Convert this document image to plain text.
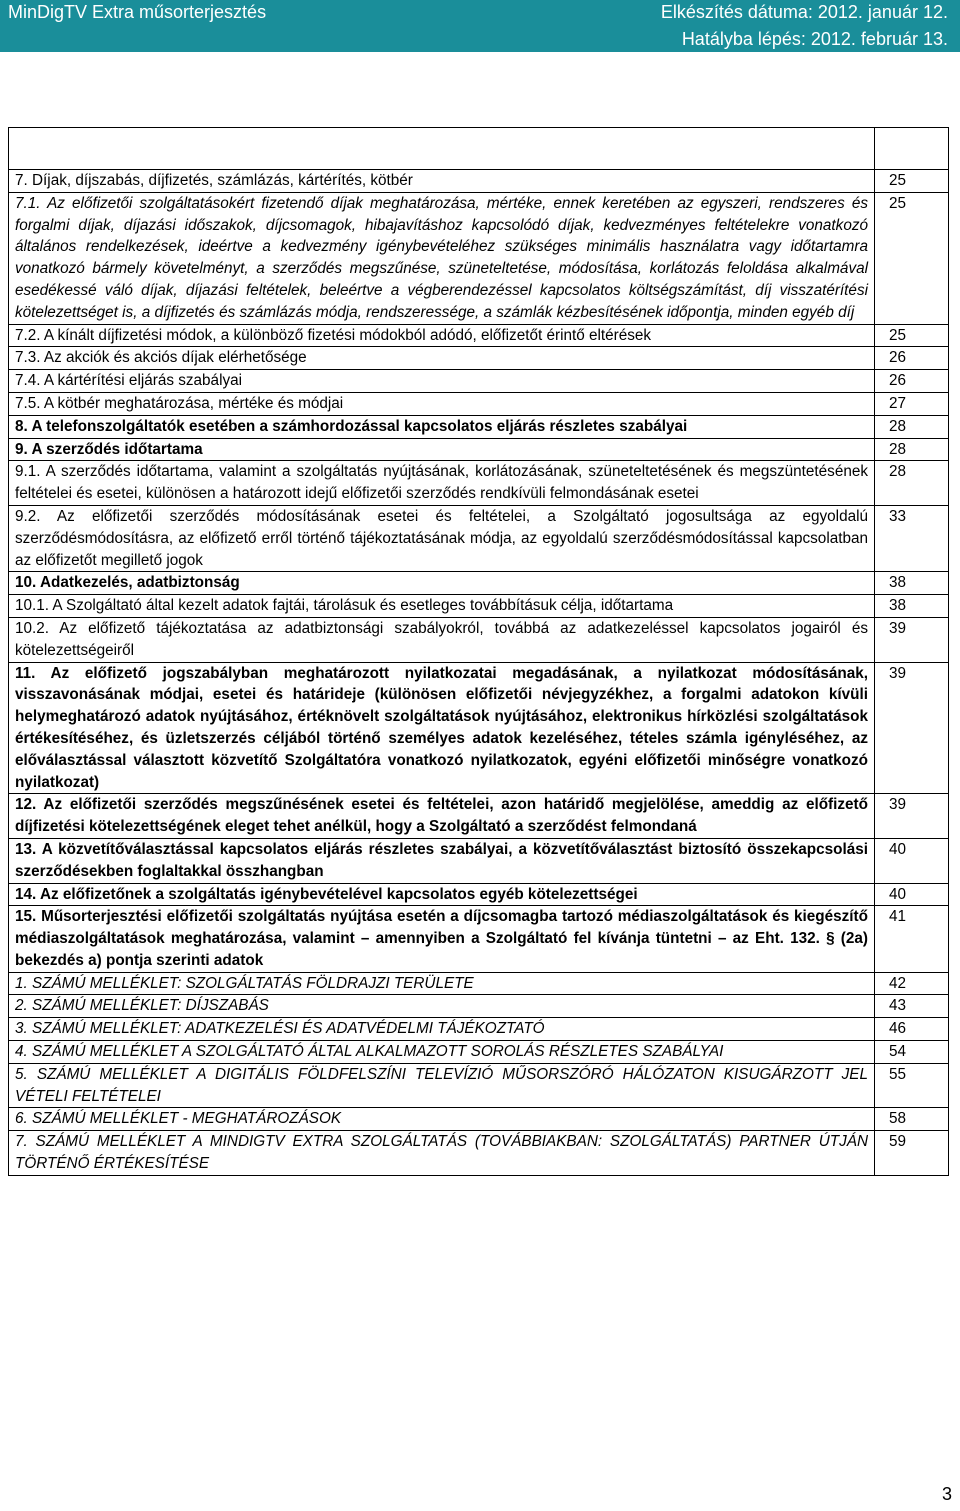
MinDigTV Extra műsorterjesztés	Elkészítés dátuma: 2012. január 12.
Hatályba lépés: 2012. február 13.

7. Díjak, díjszabás, díjfizetés, számlázás, kártérítés, kötbér	25
7.1. Az előfizetői szolgáltatásokért fizetendő díjak meghatározása, mértéke, ennek keretében az egyszeri, rendszeres és forgalmi díjak, díjazási időszakok, díjcsomagok, hibajavításhoz kapcsolódó díjak, kedvezményes feltételekre vonatkozó általános rendelkezések, ideértve a kedvezmény igénybevételéhez szükséges minimális használatra vagy időtartamra vonatkozó bármely követelményt, a szerződés megszűnése, szüneteltetése, módosítása, korlátozás feloldása alkalmával esedékessé váló díjak, díjazási feltételek, beleértve a végberendezéssel kapcsolatos költségszámítást, díj visszatérítési kötelezettséget is, a díjfizetés és számlázás módja, rendszeressége, a számlák kézbesítésének időpontja, minden egyéb díj	25
7.2. A kínált díjfizetési módok, a különböző fizetési módokból adódó, előfizetőt érintő eltérések	25
7.3. Az akciók és akciós díjak elérhetősége	26
7.4. A kártérítési eljárás szabályai	26
7.5. A kötbér meghatározása, mértéke és módjai	27
8. A telefonszolgáltatók esetében a számhordozással kapcsolatos eljárás részletes szabályai	28
9. A szerződés időtartama	28
9.1. A szerződés időtartama, valamint a szolgáltatás nyújtásának, korlátozásának, szüneteltetésének és megszüntetésének feltételei és esetei, különösen a határozott idejű előfizetői szerződés rendkívüli felmondásának esetei	28
9.2. Az előfizetői szerződés módosításának esetei és feltételei, a Szolgáltató jogosultsága az egyoldalú szerződésmódosításra, az előfizető erről történő tájékoztatásának módja, az egyoldalú szerződésmódosítással kapcsolatban az előfizetőt megillető jogok	33
10. Adatkezelés, adatbiztonság	38
10.1. A Szolgáltató által kezelt adatok fajtái, tárolásuk és esetleges továbbításuk célja, időtartama	38
10.2. Az előfizető tájékoztatása az adatbiztonsági szabályokról, továbbá az adatkezeléssel kapcsolatos jogairól és kötelezettségeiről	39
11. Az előfizető jogszabályban meghatározott nyilatkozatai megadásának, a nyilatkozat módosításának, visszavonásának módjai, esetei és határideje (különösen előfizetői névjegyzékhez, a forgalmi adatokon kívüli helymeghatározó adatok nyújtásához, értéknövelt szolgáltatások nyújtásához, elektronikus hírközlési szolgáltatások értékesítéséhez, és üzletszerzés céljából történő személyes adatok kezeléséhez, tételes számla igényléséhez, az előválasztással választott közvetítő Szolgáltatóra vonatkozó nyilatkozatok, egyéni előfizetői minőségre vonatkozó nyilatkozat)	39
12. Az előfizetői szerződés megszűnésének esetei és feltételei, azon határidő megjelölése, ameddig az előfizető díjfizetési kötelezettségének eleget tehet anélkül, hogy a Szolgáltató a szerződést felmondaná	39
13. A közvetítőválasztással kapcsolatos eljárás részletes szabályai, a közvetítőválasztást biztosító összekapcsolási szerződésekben foglaltakkal összhangban	40
14. Az előfizetőnek a szolgáltatás igénybevételével kapcsolatos egyéb kötelezettségei	40
15. Műsorterjesztési előfizetői szolgáltatás nyújtása esetén a díjcsomagba tartozó médiaszolgáltatások és kiegészítő médiaszolgáltatások meghatározása, valamint – amennyiben a Szolgáltató fel kívánja tüntetni – az Eht. 132. § (2a) bekezdés a) pontja szerinti adatok	41
1. SZÁMÚ MELLÉKLET: SZOLGÁLTATÁS FÖLDRAJZI TERÜLETE	42
2. SZÁMÚ MELLÉKLET: DÍJSZABÁS	43
3. SZÁMÚ MELLÉKLET: ADATKEZELÉSI ÉS ADATVÉDELMI TÁJÉKOZTATÓ	46
4. SZÁMÚ MELLÉKLET A SZOLGÁLTATÓ ÁLTAL ALKALMAZOTT SOROLÁS RÉSZLETES SZABÁLYAI	54
5. SZÁMÚ MELLÉKLET A DIGITÁLIS FÖLDFELSZÍNI TELEVÍZIÓ MŰSORSZÓRÓ HÁLÓZATON KISUGÁRZOTT JEL VÉTELI FELTÉTELEI	55
6. SZÁMÚ MELLÉKLET - MEGHATÁROZÁSOK	58
7. SZÁMÚ MELLÉKLET A MINDIGTV EXTRA SZOLGÁLTATÁS (TOVÁBBIAKBAN: SZOLGÁLTATÁS) PARTNER ÚTJÁN TÖRTÉNŐ ÉRTÉKESÍTÉSE	59
3
